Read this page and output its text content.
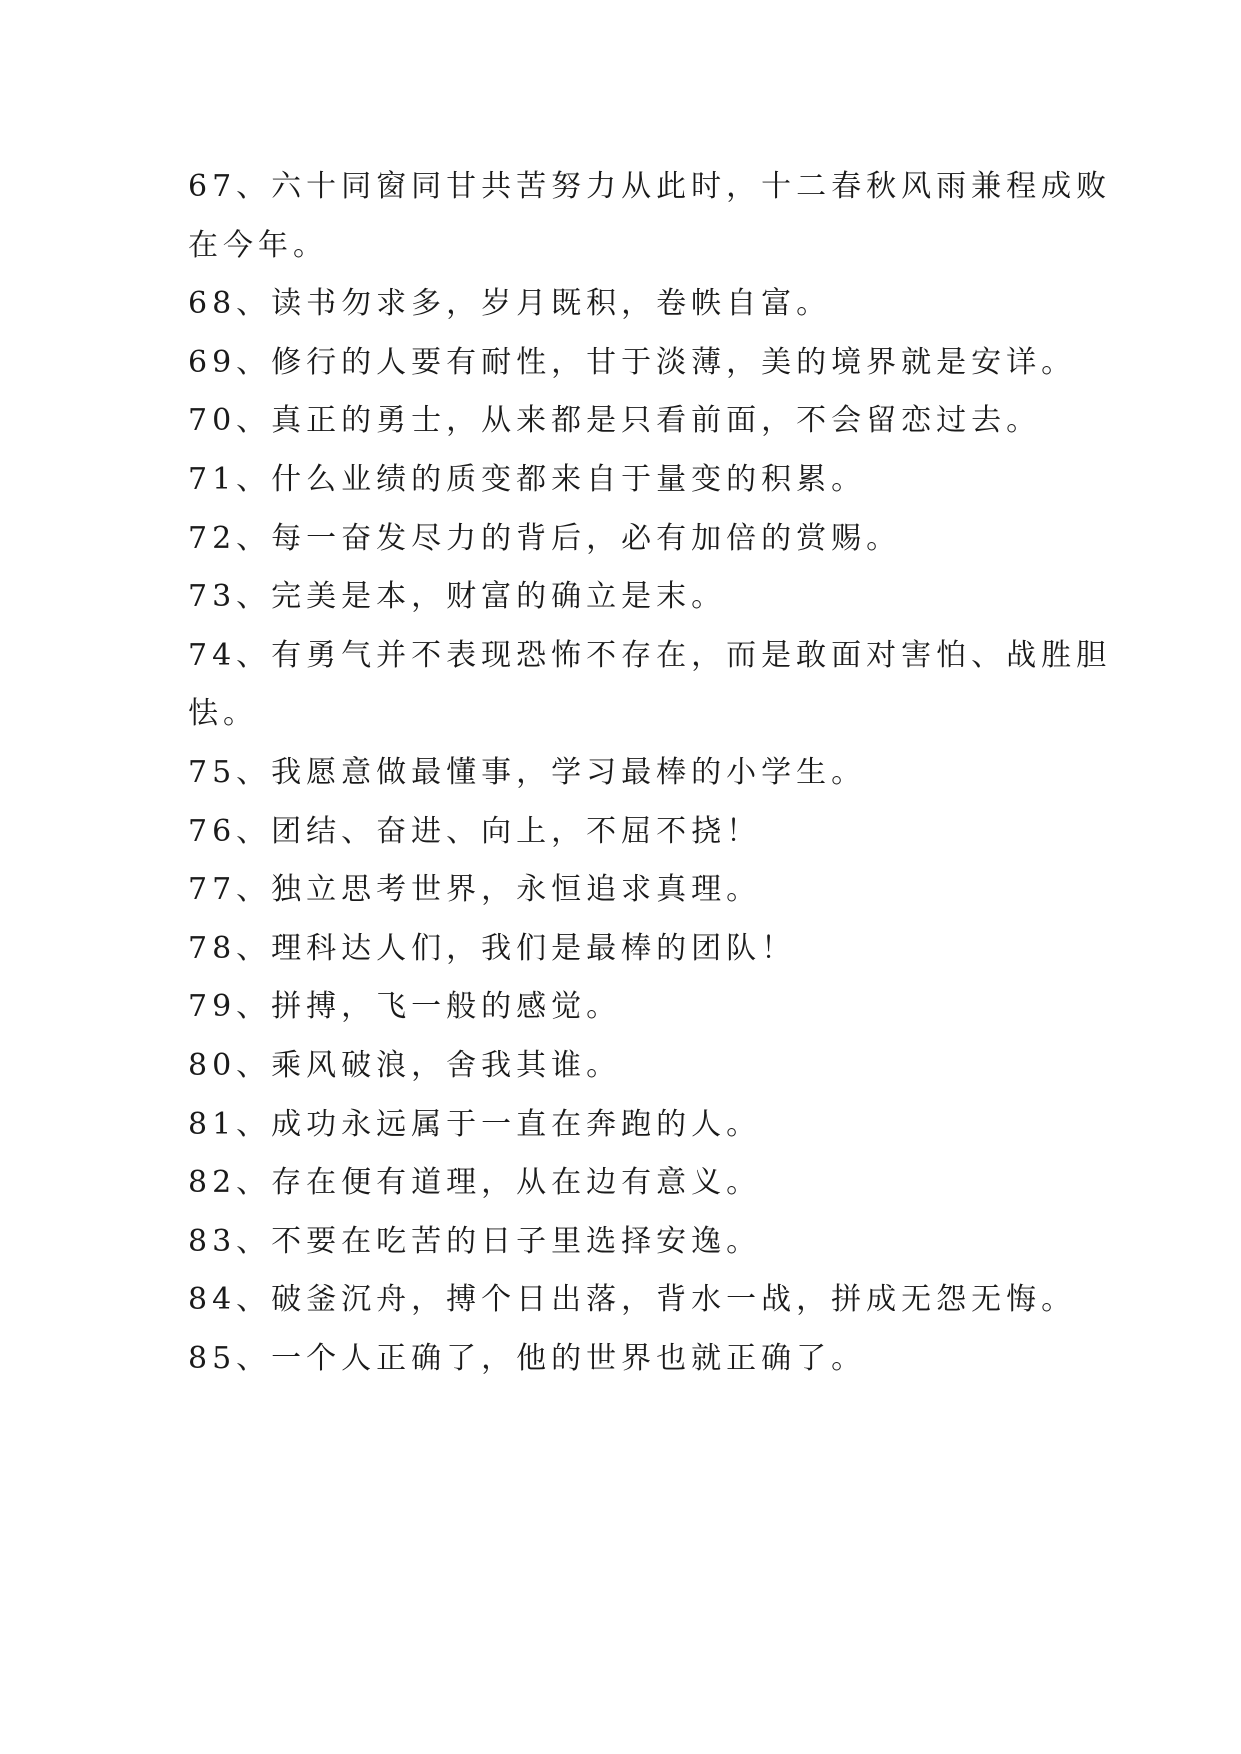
67、六十同窗同甘共苦努力从此时，十二春秋风雨兼程成败
在今年。
68、读书勿求多，岁月既积，卷帙自富。
69、修行的人要有耐性，甘于淡薄，美的境界就是安详。
70、真正的勇士，从来都是只看前面，不会留恋过去。
71、什么业绩的质变都来自于量变的积累。
72、每一奋发尽力的背后，必有加倍的赏赐。
73、完美是本，财富的确立是末。
74、有勇气并不表现恐怖不存在，而是敢面对害怕、战胜胆
怯。
75、我愿意做最懂事，学习最棒的小学生。
76、团结、奋进、向上，不屈不挠！
77、独立思考世界，永恒追求真理。
78、理科达人们，我们是最棒的团队！
79、拼搏，飞一般的感觉。
80、乘风破浪，舍我其谁。
81、成功永远属于一直在奔跑的人。
82、存在便有道理，从在边有意义。
83、不要在吃苦的日子里选择安逸。
84、破釜沉舟，搏个日出落，背水一战，拼成无怨无悔。
85、一个人正确了，他的世界也就正确了。
